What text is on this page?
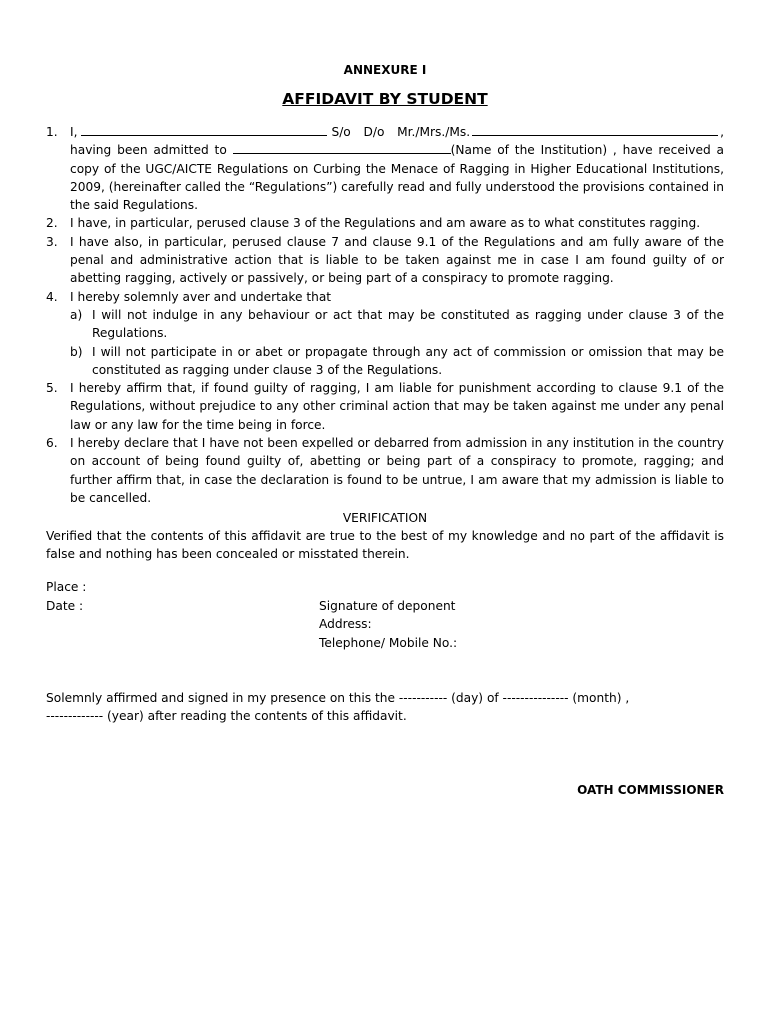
ANNEXURE I
AFFIDAVIT BY STUDENT
1. I,	S/o D/o Mr./Mrs./Ms.	, having been admitted to	(Name of the Institution) , have received a copy of the UGC/AICTE Regulations on Curbing the Menace of Ragging in Higher Educational Institutions, 2009, (hereinafter called the “Regulations”) carefully read and fully understood the provisions contained in the said Regulations.
2. I have, in particular, perused clause 3 of the Regulations and am aware as to what constitutes ragging.
3. I have also, in particular, perused clause 7 and clause 9.1 of the Regulations and am fully aware of the penal and administrative action that is liable to be taken against me in case I am found guilty of or abetting ragging, actively or passively, or being part of a conspiracy to promote ragging.
4. I hereby solemnly aver and undertake that
a) I will not indulge in any behaviour or act that may be constituted as ragging under clause 3 of the Regulations.
b) I will not participate in or abet or propagate through any act of commission or omission that may be constituted as ragging under clause 3 of the Regulations.
5. I hereby affirm that, if found guilty of ragging, I am liable for punishment according to clause 9.1 of the Regulations, without prejudice to any other criminal action that may be taken against me under any penal law or any law for the time being in force.
6. I hereby declare that I have not been expelled or debarred from admission in any institution in the country on account of being found guilty of, abetting or being part of a conspiracy to promote, ragging; and further affirm that, in case the declaration is found to be untrue, I am aware that my admission is liable to be cancelled.
VERIFICATION
Verified that the contents of this affidavit are true to the best of my knowledge and no part of the affidavit is false and nothing has been concealed or misstated therein.
Place :
Date :	Signature of deponent
Address:
Telephone/ Mobile No.:
Solemnly affirmed and signed in my presence on this the ----------- (day) of --------------- (month) ,
------------- (year) after reading the contents of this affidavit.
OATH COMMISSIONER
